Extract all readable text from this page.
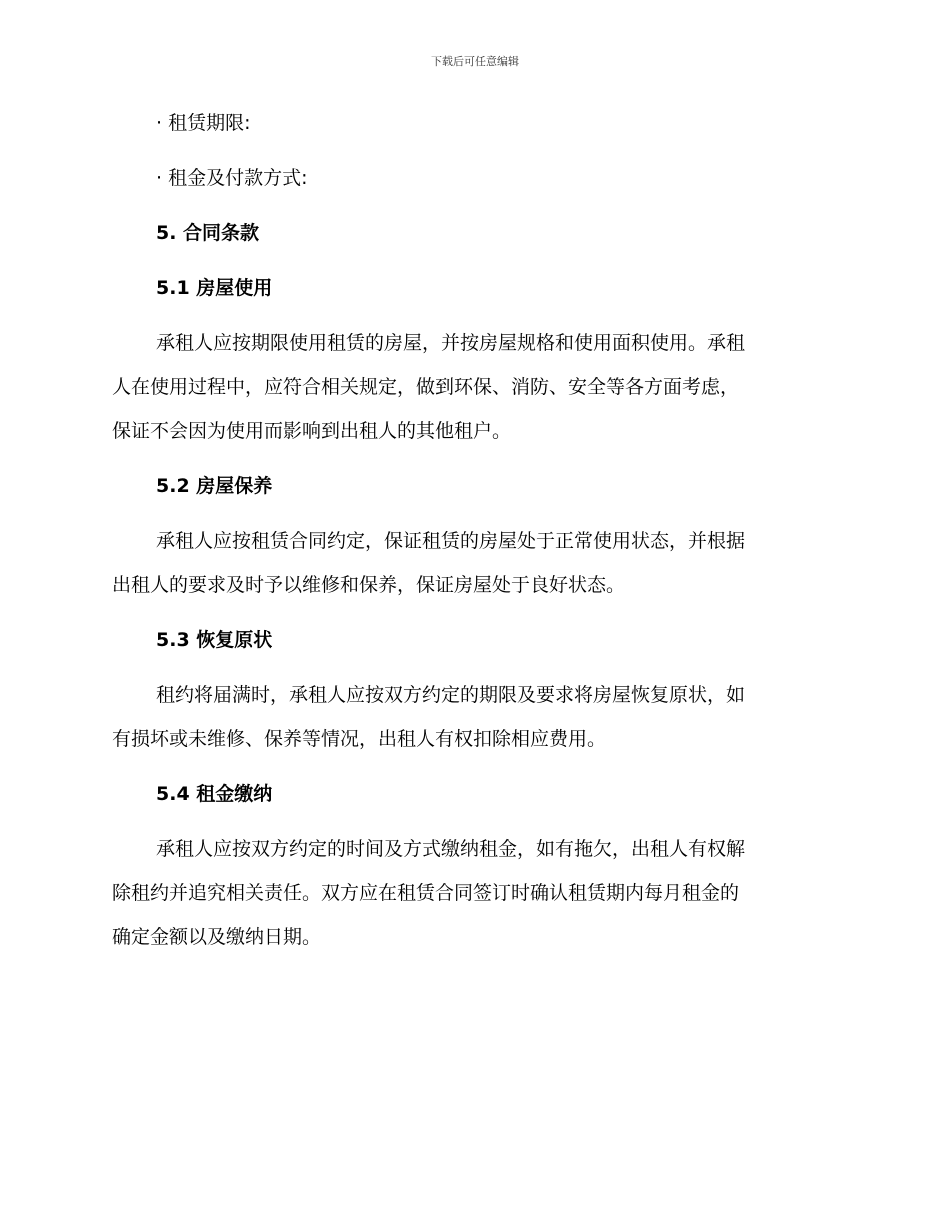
下载后可任意编辑
· 租赁期限:
· 租金及付款方式:
5. 合同条款
5.1 房屋使用
承租人应按期限使用租赁的房屋，并按房屋规格和使用面积使用。承租
人在使用过程中，应符合相关规定，做到环保、消防、安全等各方面考虑，
保证不会因为使用而影响到出租人的其他租户。
5.2 房屋保养
承租人应按租赁合同约定，保证租赁的房屋处于正常使用状态，并根据
出租人的要求及时予以维修和保养，保证房屋处于良好状态。
5.3 恢复原状
租约将届满时，承租人应按双方约定的期限及要求将房屋恢复原状，如
有损坏或未维修、保养等情况，出租人有权扣除相应费用。
5.4 租金缴纳
承租人应按双方约定的时间及方式缴纳租金，如有拖欠，出租人有权解
除租约并追究相关责任。双方应在租赁合同签订时确认租赁期内每月租金的
确定金额以及缴纳日期。
